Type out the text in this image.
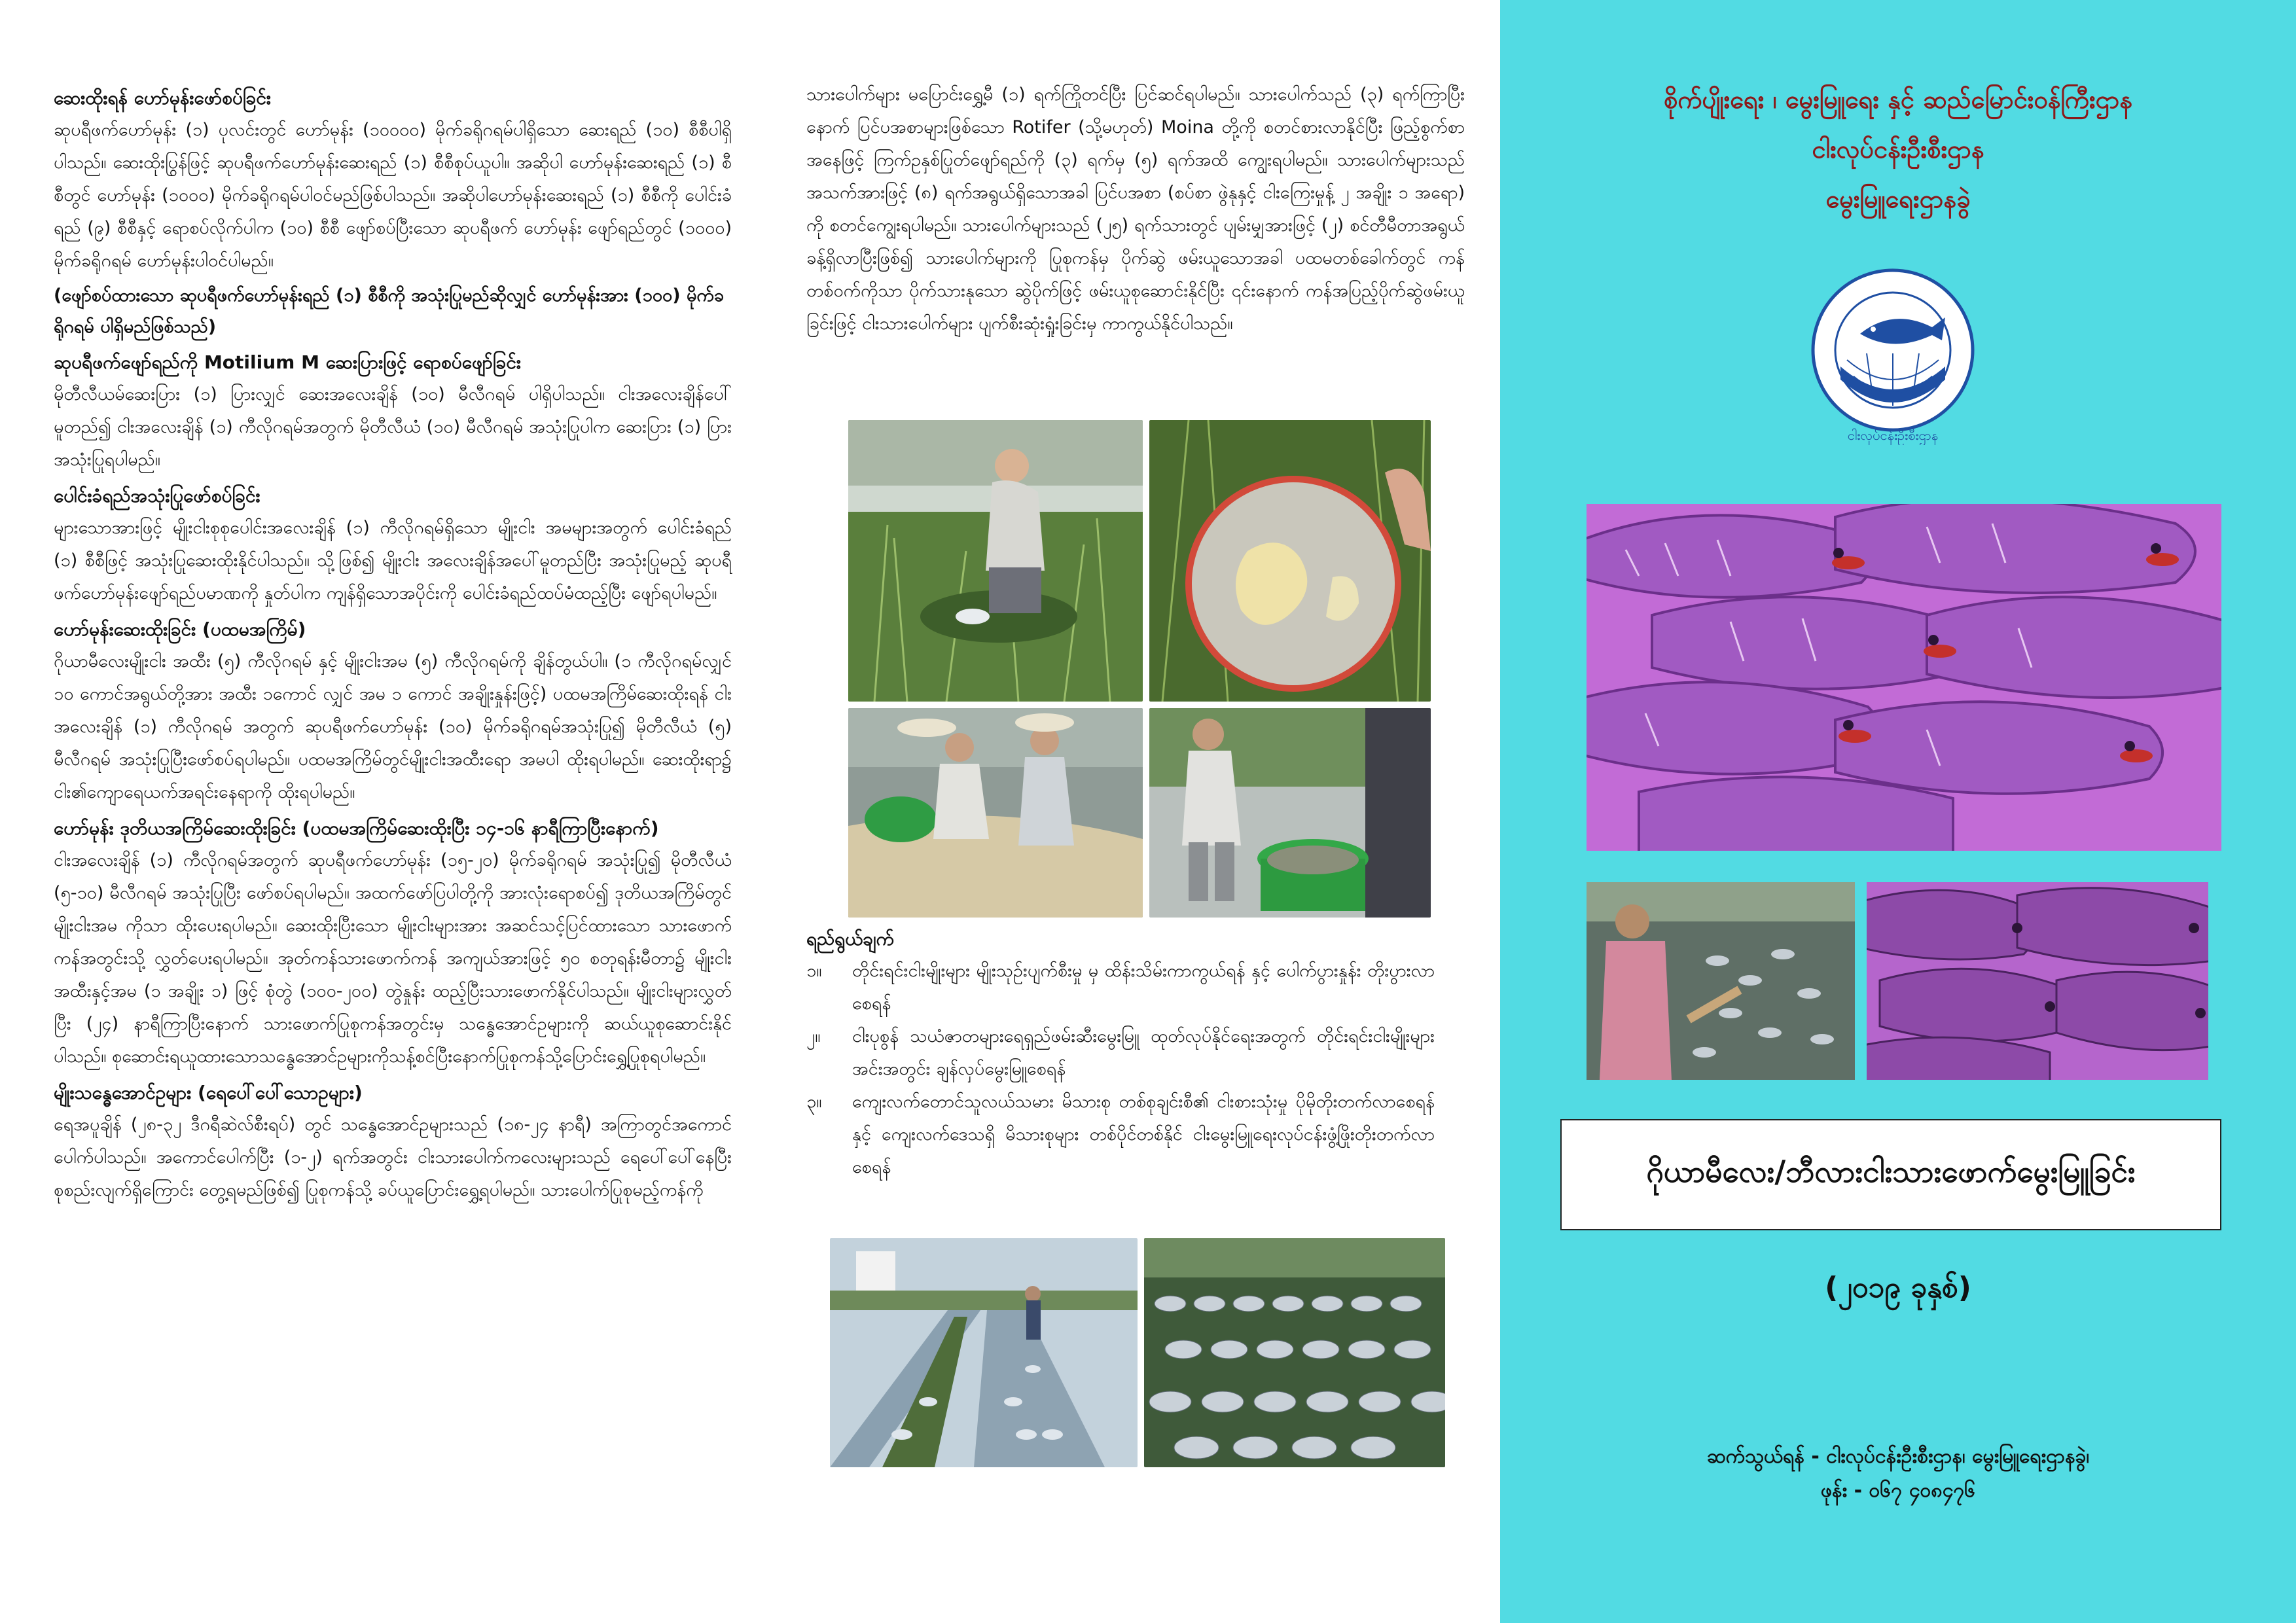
ဆေးထိုးရန် ဟော်မုန်းဖော်စပ်ခြင်း

ဆုပရီဖက်ဟော်မုန်း (၁) ပုလင်းတွင် ဟော်မုန်း (၁၀၀၀၀) မိုက်ခရိုဂရမ်ပါရှိသော ဆေးရည် (၁၀) စီစီပါရှိပါသည်။ ဆေးထိုးပြွန်ဖြင့် ဆုပရီဖက်ဟော်မုန်းဆေးရည် (၁) စီစီစုပ်ယူပါ။ အဆိုပါ ဟော်မုန်းဆေးရည် (၁) စီစီတွင် ဟော်မုန်း (၁၀၀၀) မိုက်ခရိုဂရမ်ပါဝင်မည်ဖြစ်ပါသည်။ အဆိုပါဟော်မုန်းဆေးရည် (၁) စီစီကို ပေါင်းခံရည် (၉) စီစီနှင့် ရောစပ်လိုက်ပါက (၁၀) စီစီ ဖျော်စပ်ပြီးသော ဆုပရီဖက် ဟော်မုန်း ဖျော်ရည်တွင် (၁၀၀၀) မိုက်ခရိုဂရမ် ဟော်မုန်းပါဝင်ပါမည်။

(ဖျော်စပ်ထားသော ဆုပရီဖက်ဟော်မုန်းရည် (၁) စီစီကို အသုံးပြုမည်ဆိုလျှင် ဟော်မုန်းအား (၁၀၀) မိုက်ခရိုဂရမ် ပါရှိမည်ဖြစ်သည်)
ဆုပရီဖက်ဖျော်ရည်ကို Motilium M ဆေးပြားဖြင့် ရောစပ်ဖျော်ခြင်း

မိုတီလီယမ်ဆေးပြား (၁) ပြားလျှင် ဆေးအလေးချိန် (၁၀) မီလီဂရမ် ပါရှိပါသည်။ ငါးအလေးချိန်ပေါ်မူတည်၍ ငါးအလေးချိန် (၁) ကီလိုဂရမ်အတွက် မိုတီလီယံ (၁၀) မီလီဂရမ် အသုံးပြုပါက ဆေးပြား (၁) ပြားအသုံးပြုရပါမည်။

ပေါင်းခံရည်အသုံးပြုဖော်စပ်ခြင်း

များသောအားဖြင့် မျိုးငါးစုစုပေါင်းအလေးချိန် (၁) ကီလိုဂရမ်ရှိသော မျိုးငါး အမများအတွက် ပေါင်းခံရည် (၁) စီစီဖြင့် အသုံးပြုဆေးထိုးနိုင်ပါသည်။ သို့ဖြစ်၍ မျိုးငါး အလေးချိန်အပေါ်မူတည်ပြီး အသုံးပြုမည့် ဆုပရီဖက်ဟော်မုန်းဖျော်ရည်ပမာဏကို နှုတ်ပါက ကျန်ရှိသောအပိုင်းကို ပေါင်းခံရည်ထပ်မံထည့်ပြီး ဖျော်ရပါမည်။

ဟော်မုန်းဆေးထိုးခြင်း (ပထမအကြိမ်)

ဂိုယာမီလေးမျိုးငါး အထီး (၅) ကီလိုဂရမ် နှင့် မျိုးငါးအမ (၅) ကီလိုဂရမ်ကို ချိန်တွယ်ပါ။ (၁ ကီလိုဂရမ်လျှင် ၁၀ ကောင်အရွယ်တို့အား အထီး ၁ကောင် လျှင် အမ ၁ ကောင် အချိုးနှုန်းဖြင့်) ပထမအကြိမ်ဆေးထိုးရန် ငါးအလေးချိန် (၁) ကီလိုဂရမ် အတွက် ဆုပရီဖက်ဟော်မုန်း (၁၀) မိုက်ခရိုဂရမ်အသုံးပြု၍ မိုတီလီယံ (၅) မီလီဂရမ် အသုံးပြုပြီးဖော်စပ်ရပါမည်။ ပထမအကြိမ်တွင်မျိုးငါးအထီးရော အမပါ ထိုးရပါမည်။ ဆေးထိုးရာ၌ ငါး၏ကျောရေယက်အရင်းနေရာကို ထိုးရပါမည်။

ဟော်မုန်း ဒုတိယအကြိမ်ဆေးထိုးခြင်း (ပထမအကြိမ်ဆေးထိုးပြီး ၁၄-၁၆ နာရီကြာပြီးနောက်)

ငါးအလေးချိန် (၁) ကီလိုဂရမ်အတွက် ဆုပရီဖက်ဟော်မုန်း (၁၅-၂၀) မိုက်ခရိုဂရမ် အသုံးပြု၍ မိုတီလီယံ (၅-၁၀) မီလီဂရမ် အသုံးပြုပြီး ဖော်စပ်ရပါမည်။ အထက်ဖော်ပြပါတို့ကို အားလုံးရောစပ်၍ ဒုတိယအကြိမ်တွင် မျိုးငါးအမ ကိုသာ ထိုးပေးရပါမည်။ ဆေးထိုးပြီးသော မျိုးငါးများအား အဆင်သင့်ပြင်ထားသော သားဖောက်ကန်အတွင်းသို့ လွှတ်ပေးရပါမည်။ အုတ်ကန်သားဖောက်ကန် အကျယ်အားဖြင့် ၅၀ စတုရန်းမီတာ၌ မျိုးငါးအထီးနှင့်အမ (၁ အချိုး ၁) ဖြင့် စုံတွဲ (၁၀၀-၂၀၀) တွဲနှုန်း ထည့်ပြီးသားဖောက်နိုင်ပါသည်။ မျိုးငါးများလွှတ်ပြီး (၂၄) နာရီကြာပြီးနောက် သားဖောက်ပြုစုကန်အတွင်းမှ သန္ဓေအောင်ဥများကို ဆယ်ယူစုဆောင်းနိုင်ပါသည်။ စုဆောင်းရယူထားသောသန္ဓေအောင်ဥများကိုသန့်စင်ပြီးနောက်ပြုစုကန်သို့ပြောင်းရွှေ့ပြုစုရပါမည်။

မျိုးသန္ဓေအောင်ဥများ (ရေပေါ်ပေါ်သောဥများ)

ရေအပူချိန် (၂၈-၃၂ ဒီဂရီဆဲလ်စီးရပ်) တွင် သန္ဓေအောင်ဥများသည် (၁၈-၂၄ နာရီ) အကြာတွင်အကောင်ပေါက်ပါသည်။ အကောင်ပေါက်ပြီး (၁-၂) ရက်အတွင်း ငါးသားပေါက်ကလေးများသည် ရေပေါ်ပေါ်နေပြီး စုစည်းလျက်ရှိကြောင်း တွေ့ရမည်ဖြစ်၍ ပြုစုကန်သို့ ခပ်ယူပြောင်းရွှေ့ရပါမည်။ သားပေါက်ပြုစုမည့်ကန်ကို

သားပေါက်များ မပြောင်းရွှေ့မီ (၁) ရက်ကြိုတင်ပြီး ပြင်ဆင်ရပါမည်။ သားပေါက်သည် (၃) ရက်ကြာပြီးနောက် ပြင်ပအစာများဖြစ်သော Rotifer (သို့မဟုတ်) Moina တို့ကို စတင်စားလာနိုင်ပြီး ဖြည့်စွက်စာအနေဖြင့် ကြက်ဥနှစ်ပြုတ်ဖျော်ရည်ကို (၃) ရက်မှ (၅) ရက်အထိ ကျွေးရပါမည်။ သားပေါက်များသည် အသက်အားဖြင့် (၈) ရက်အရွယ်ရှိသောအခါ ပြင်ပအစာ (စပ်စာ ဖွဲနုနှင့် ငါးကြေးမှုန့် ၂ အချိုး ၁ အရော) ကို စတင်ကျွေးရပါမည်။ သားပေါက်များသည် (၂၅) ရက်သားတွင် ပျမ်းမျှအားဖြင့် (၂) စင်တီမီတာအရွယ်ခန့်ရှိလာပြီးဖြစ်၍ သားပေါက်များကို ပြုစုကန်မှ ပိုက်ဆွဲ ဖမ်းယူသောအခါ ပထမတစ်ခေါက်တွင် ကန်တစ်ဝက်ကိုသာ ပိုက်သားနုသော ဆွဲပိုက်ဖြင့် ဖမ်းယူစုဆောင်းနိုင်ပြီး ၎င်းနောက် ကန်အပြည့်ပိုက်ဆွဲဖမ်းယူခြင်းဖြင့် ငါးသားပေါက်များ ပျက်စီးဆုံးရှုံးခြင်းမှ ကာကွယ်နိုင်ပါသည်။

ရည်ရွယ်ချက်
၁။	တိုင်းရင်းငါးမျိုးများ မျိုးသုဉ်းပျက်စီးမှု မှ ထိန်းသိမ်းကာကွယ်ရန် နှင့် ပေါက်ပွားနှုန်း တိုးပွားလာစေရန်
၂။	ငါးပုစွန် သယံဇာတများရေရှည်ဖမ်းဆီးမွေးမြူ ထုတ်လုပ်နိုင်ရေးအတွက် တိုင်းရင်းငါးမျိုးများ အင်းအတွင်း ချန်လှပ်မွေးမြူစေရန်
၃။	ကျေးလက်တောင်သူလယ်သမား မိသားစု တစ်စုချင်းစီ၏ ငါးစားသုံးမှု ပိုမိုတိုးတက်လာစေရန်နှင့် ကျေးလက်ဒေသရှိ မိသားစုများ တစ်ပိုင်တစ်နိုင် ငါးမွေးမြူရေးလုပ်ငန်းဖွံ့ဖြိုးတိုးတက်လာစေရန်
စိုက်ပျိုးရေး ၊ မွေးမြူရေး နှင့် ဆည်မြောင်းဝန်ကြီးဌာန
ငါးလုပ်ငန်းဦးစီးဌာန
မွေးမြူရေးဌာနခွဲ
ငါးလုပ်ငန်းဦးစီးဌာန
ဂိုယာမီလေး/ဘီလားငါးသားဖောက်မွေးမြူခြင်း
(၂၀၁၉ ခုနှစ်)
ဆက်သွယ်ရန် - ငါးလုပ်ငန်းဦးစီးဌာန၊ မွေးမြူရေးဌာနခွဲ၊
ဖုန်း - ၀၆၇ ၄၀၈၄၇၆
